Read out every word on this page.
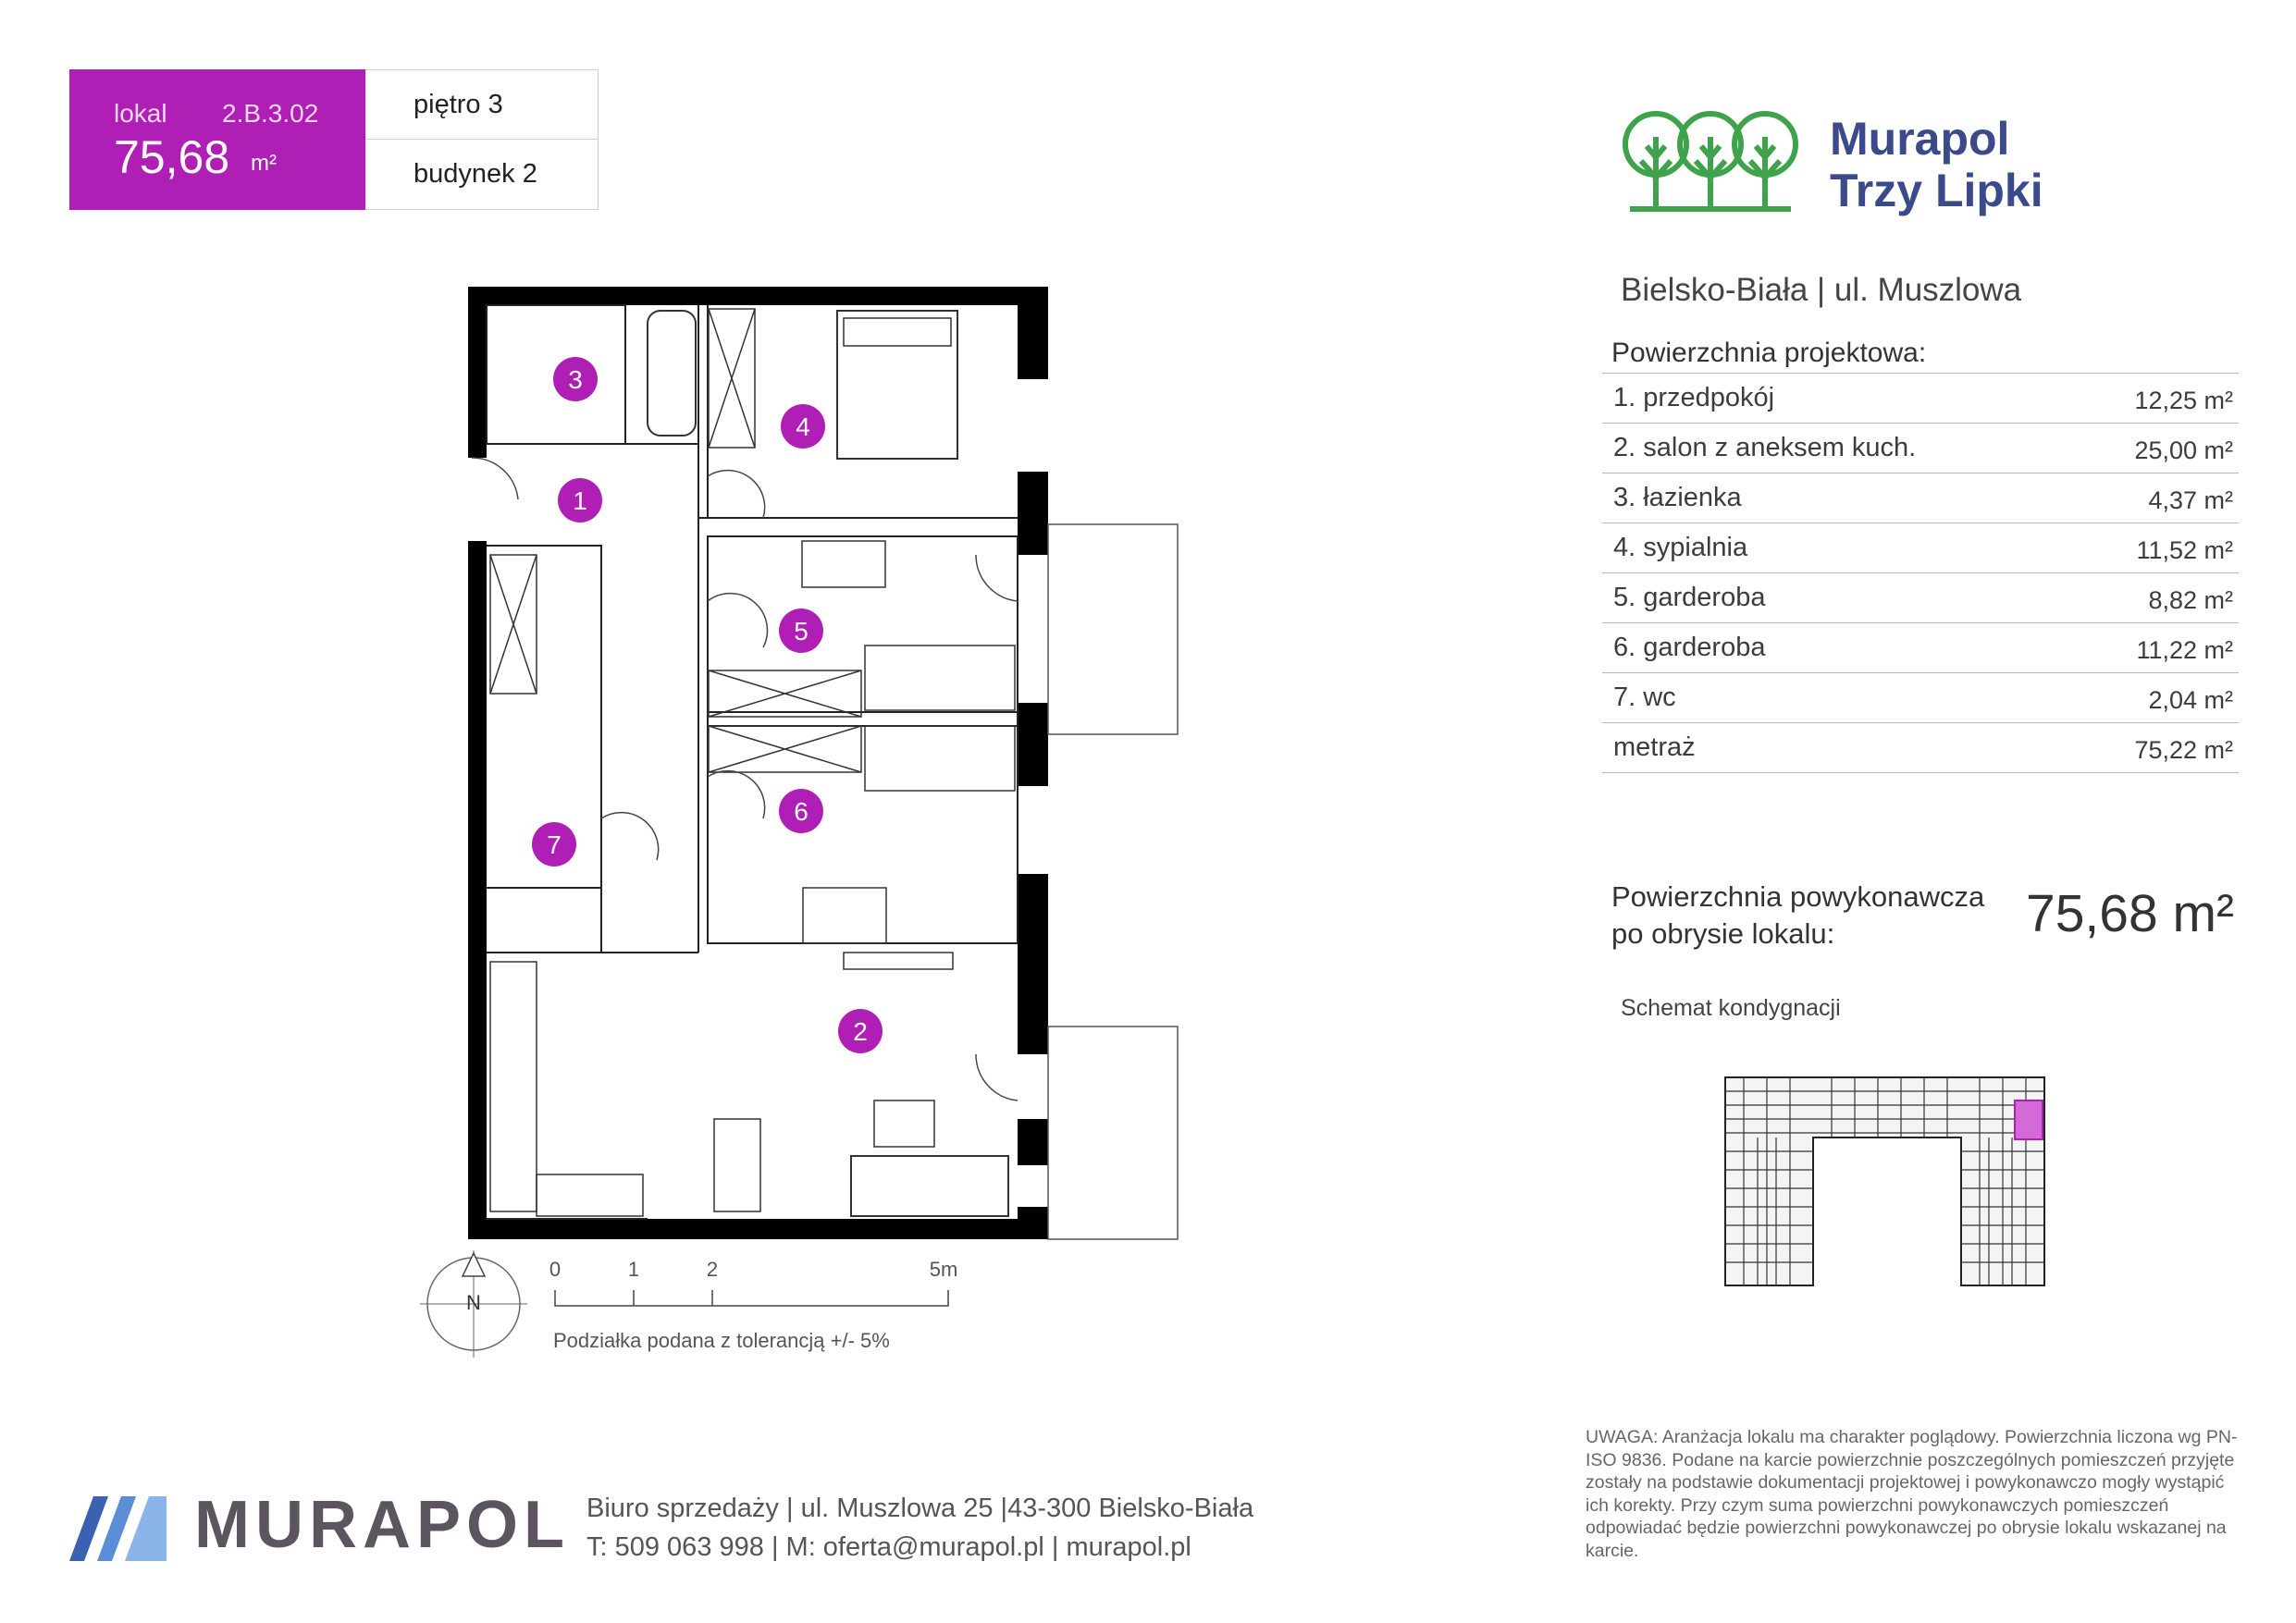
lokal 2.B.3.02
75,68 m²
piętro 3
budynek 2
Murapol
Trzy Lipki
Bielsko-Biała | ul. Muszlowa
Powierzchnia projektowa:
1. przedpokój	12,25 m²
2. salon z aneksem kuch.	25,00 m²
3. łazienka	4,37 m²
4. sypialnia	11,52 m²
5. garderoba	8,82 m²
6. garderoba	11,22 m²
7. wc	2,04 m²
metraż	75,22 m²
Powierzchnia powykonawcza
po obrysie lokalu:	75,68 m²
Schemat kondygnacji
1
2
3
4
5
6
7
N
0	1	2	5m
Podziałka podana z tolerancją +/- 5%
MURAPOL Biuro sprzedaży | ul. Muszlowa 25 |43-300 Bielsko-Biała
T: 509 063 998 | M: oferta@murapol.pl | murapol.pl
UWAGA: Aranżacja lokalu ma charakter poglądowy. Powierzchnia liczona wg PN-ISO 9836. Podane na karcie powierzchnie poszczególnych pomieszczeń przyjęte zostały na podstawie dokumentacji projektowej i powykonawczo mogły wystąpić ich korekty. Przy czym suma powierzchni powykonawczych pomieszczeń odpowiadać będzie powierzchni powykonawczej po obrysie lokalu wskazanej na karcie.
